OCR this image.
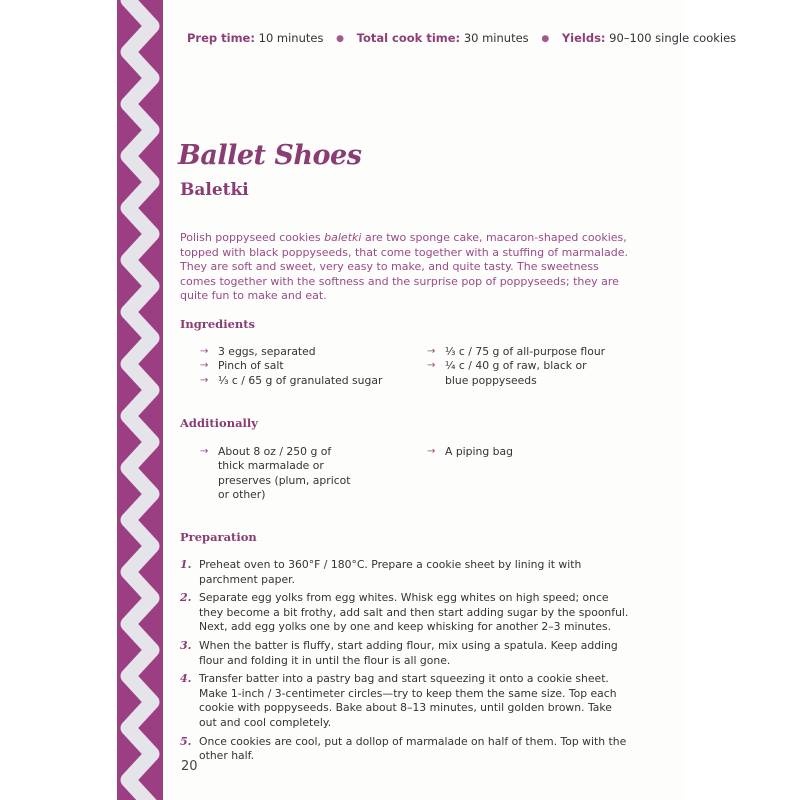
Prep time: 10 minutes ● Total cook time: 30 minutes ● Yields: 90–100 single cookies
Ballet Shoes
Baletki

Polish poppyseed cookies baletki are two sponge cake, macaron-shaped cookies, topped with black poppyseeds, that come together with a stuffing of marmalade. They are soft and sweet, very easy to make, and quite tasty. The sweetness comes together with the softness and the surprise pop of poppyseeds; they are quite fun to make and eat.

Ingredients
→ 3 eggs, separated
→ Pinch of salt
→ ⅓ c / 65 g of granulated sugar
→ ⅓ c / 75 g of all-purpose flour
→ ¼ c / 40 g of raw, black or blue poppyseeds
Additionally
→ About 8 oz / 250 g of thick marmalade or preserves (plum, apricot or other)
→ A piping bag
Preparation
1. Preheat oven to 360°F / 180°C. Prepare a cookie sheet by lining it with parchment paper.
2. Separate egg yolks from egg whites. Whisk egg whites on high speed; once they become a bit frothy, add salt and then start adding sugar by the spoonful. Next, add egg yolks one by one and keep whisking for another 2–3 minutes.
3. When the batter is fluffy, start adding flour, mix using a spatula. Keep adding flour and folding it in until the flour is all gone.
4. Transfer batter into a pastry bag and start squeezing it onto a cookie sheet. Make 1-inch / 3-centimeter circles—try to keep them the same size. Top each cookie with poppyseeds. Bake about 8–13 minutes, until golden brown. Take out and cool completely.
5. Once cookies are cool, put a dollop of marmalade on half of them. Top with the other half.
20
